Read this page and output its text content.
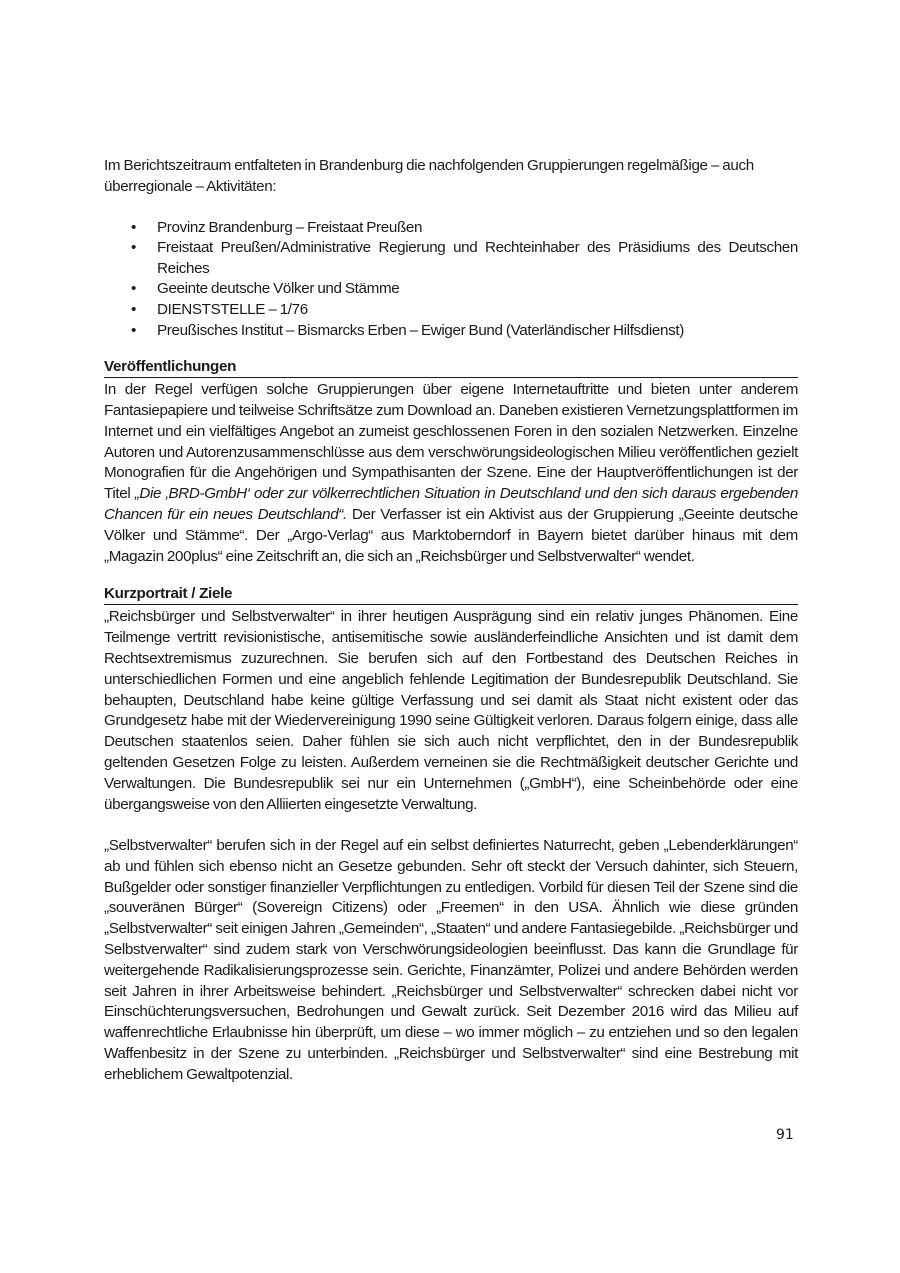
Im Berichtszeitraum entfalteten in Brandenburg die nachfolgenden Gruppierungen regelmäßige – auch überregionale – Aktivitäten:

• Provinz Brandenburg – Freistaat Preußen
• Freistaat Preußen/Administrative Regierung und Rechteinhaber des Präsidiums des Deutschen Reiches
• Geeinte deutsche Völker und Stämme
• DIENSTSTELLE – 1/76
• Preußisches Institut – Bismarcks Erben – Ewiger Bund (Vaterländischer Hilfsdienst)
Veröffentlichungen

In der Regel verfügen solche Gruppierungen über eigene Internetauftritte und bieten unter anderem Fantasiepapiere und teilweise Schriftsätze zum Download an. Daneben existieren Vernetzungsplattformen im Internet und ein vielfältiges Angebot an zumeist geschlossenen Foren in den sozialen Netzwerken. Einzelne Autoren und Autorenzusammenschlüsse aus dem verschwörungsideologischen Milieu veröffentlichen gezielt Monografien für die Angehörigen und Sympathisanten der Szene. Eine der Hauptveröffentlichungen ist der Titel „Die ‚BRD-GmbH‘ oder zur völkerrechtlichen Situation in Deutschland und den sich daraus ergebenden Chancen für ein neues Deutschland“. Der Verfasser ist ein Aktivist aus der Gruppierung „Geeinte deutsche Völker und Stämme“. Der „Argo-Verlag“ aus Marktoberndorf in Bayern bietet darüber hinaus mit dem „Magazin 200plus“ eine Zeitschrift an, die sich an „Reichsbürger und Selbstverwalter“ wendet.

Kurzportrait / Ziele

„Reichsbürger und Selbstverwalter“ in ihrer heutigen Ausprägung sind ein relativ junges Phänomen. Eine Teilmenge vertritt revisionistische, antisemitische sowie ausländerfeindliche Ansichten und ist damit dem Rechtsextremismus zuzurechnen. Sie berufen sich auf den Fortbestand des Deutschen Reiches in unterschiedlichen Formen und eine angeblich fehlende Legitimation der Bundesrepublik Deutschland. Sie behaupten, Deutschland habe keine gültige Verfassung und sei damit als Staat nicht existent oder das Grundgesetz habe mit der Wiedervereinigung 1990 seine Gültigkeit verloren. Daraus folgern einige, dass alle Deutschen staatenlos seien. Daher fühlen sie sich auch nicht verpflichtet, den in der Bundesrepublik geltenden Gesetzen Folge zu leisten. Außerdem verneinen sie die Rechtmäßigkeit deutscher Gerichte und Verwaltungen. Die Bundesrepublik sei nur ein Unternehmen („GmbH“), eine Scheinbehörde oder eine übergangsweise von den Alliierten eingesetzte Verwaltung.

„Selbstverwalter“ berufen sich in der Regel auf ein selbst definiertes Naturrecht, geben „Lebenderklärungen“ ab und fühlen sich ebenso nicht an Gesetze gebunden. Sehr oft steckt der Versuch dahinter, sich Steuern, Bußgelder oder sonstiger finanzieller Verpflichtungen zu entledigen. Vorbild für diesen Teil der Szene sind die „souveränen Bürger“ (Sovereign Citizens) oder „Freemen“ in den USA. Ähnlich wie diese gründen „Selbstverwalter“ seit einigen Jahren „Gemeinden“, „Staaten“ und andere Fantasiegebilde. „Reichsbürger und Selbstverwalter“ sind zudem stark von Verschwörungsideologien beeinflusst. Das kann die Grundlage für weitergehende Radikalisierungsprozesse sein. Gerichte, Finanzämter, Polizei und andere Behörden werden seit Jahren in ihrer Arbeitsweise behindert. „Reichsbürger und Selbstverwalter“ schrecken dabei nicht vor Einschüchterungsversuchen, Bedrohungen und Gewalt zurück. Seit Dezember 2016 wird das Milieu auf waffenrechtliche Erlaubnisse hin überprüft, um diese – wo immer möglich – zu entziehen und so den legalen Waffenbesitz in der Szene zu unterbinden. „Reichsbürger und Selbstverwalter“ sind eine Bestrebung mit erheblichem Gewaltpotenzial.

91
